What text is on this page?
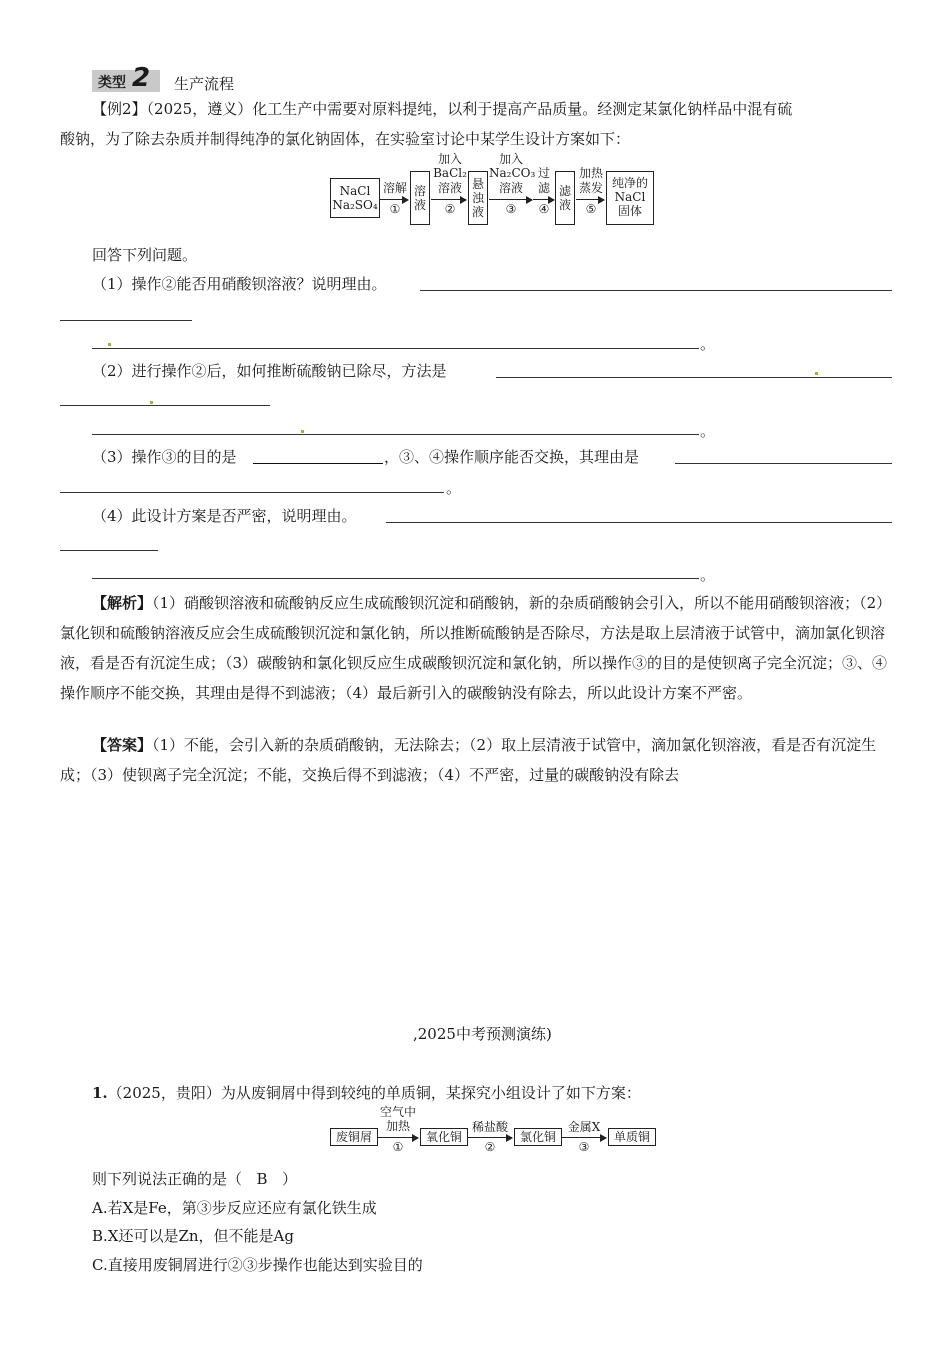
类型 2 生产流程
【例2】（2025，遵义）化工生产中需要对原料提纯，以利于提高产品质量。经测定某氯化钠样品中混有硫
酸钠，为了除去杂质并制得纯净的氯化钠固体，在实验室讨论中某学生设计方案如下：
NaCl
Na₂SO₄
溶解
①
溶
液
加入
BaCl₂
溶液
②
悬
浊
液
加入
Na₂CO₃
溶液
③
过
滤
④
滤
液
加热
蒸发
⑤
纯净的
NaCl
固体
回答下列问题。
（1）操作②能否用硝酸钡溶液？说明理由。
。
（2）进行操作②后，如何推断硫酸钠已除尽，方法是
。
（3）操作③的目的是	，③、④操作顺序能否交换，其理由是
。
（4）此设计方案是否严密，说明理由。
。
【解析】（1）硝酸钡溶液和硫酸钠反应生成硫酸钡沉淀和硝酸钠，新的杂质硝酸钠会引入，所以不能用硝酸钡溶液；（2）氯化钡和硫酸钠溶液反应会生成硫酸钡沉淀和氯化钠，所以推断硫酸钠是否除尽，方法是取上层清液于试管中，滴加氯化钡溶液，看是否有沉淀生成；（3）碳酸钠和氯化钡反应生成碳酸钡沉淀和氯化钠，所以操作③的目的是使钡离子完全沉淀；③、④操作顺序不能交换，其理由是得不到滤液；（4）最后新引入的碳酸钠没有除去，所以此设计方案不严密。
【答案】（1）不能，会引入新的杂质硝酸钠，无法除去；（2）取上层清液于试管中，滴加氯化钡溶液，看是否有沉淀生成；（3）使钡离子完全沉淀；不能，交换后得不到滤液；（4）不严密，过量的碳酸钠没有除去
,2025中考预测演练)
1.（2025，贵阳）为从废铜屑中得到较纯的单质铜，某探究小组设计了如下方案：
废铜屑
空气中
加热
①
氧化铜
稀盐酸
②
氯化铜
金属X
③
单质铜
则下列说法正确的是（ B ）
A.若X是Fe，第③步反应还应有氯化铁生成
B.X还可以是Zn，但不能是Ag
C.直接用废铜屑进行②③步操作也能达到实验目的
